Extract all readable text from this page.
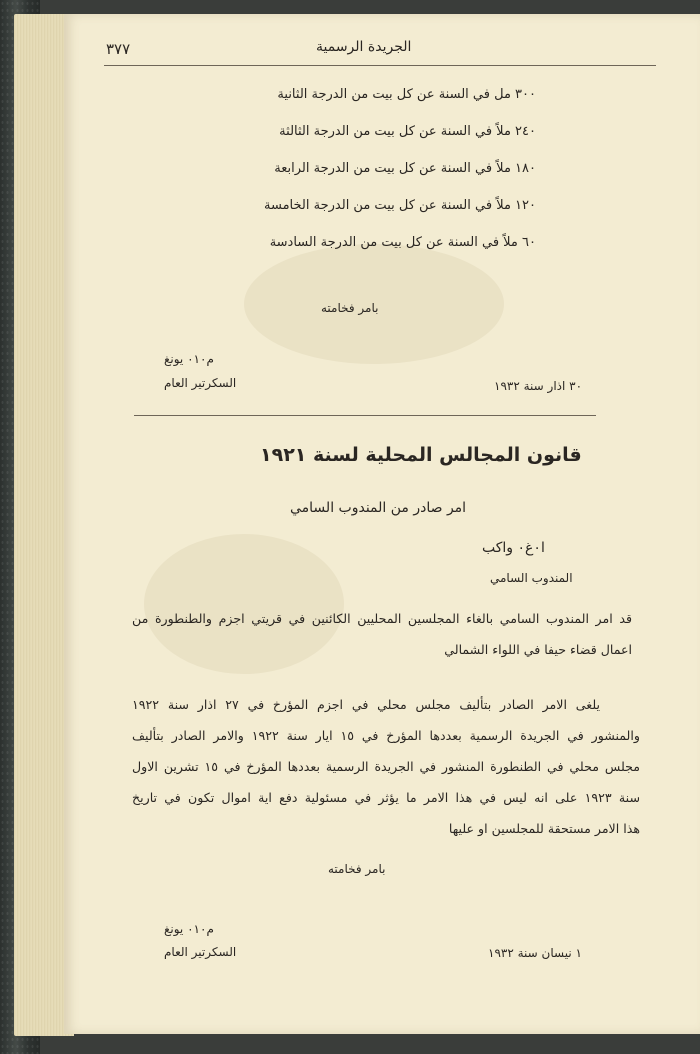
٣٧٧	الجريدة الرسمية
٣٠٠ مل في السنة عن كل بيت من الدرجة الثانية
٢٤٠ ملاً في السنة عن كل بيت من الدرجة الثالثة
١٨٠ ملاً في السنة عن كل بيت من الدرجة الرابعة
١٢٠ ملاً في السنة عن كل بيت من الدرجة الخامسة
٦٠ ملاً في السنة عن كل بيت من الدرجة السادسة
بامر فخامته
م٠١٠ يونغ
السكرتير العام	٣٠ اذار سنة ١٩٣٢
قانون المجالس المحلية لسنة ١٩٢١
امر صادر من المندوب السامي
ا٠غ٠ واكب
المندوب السامي
قد امر المندوب السامي بالغاء المجلسين المحليين الكائنين في قريتي اجزم والطنطورة من
اعمال قضاء حيفا في اللواء الشمالي
يلغى الامر الصادر بتأليف مجلس محلي في اجزم المؤرخ في ٢٧ اذار سنة ١٩٢٢
والمنشور في الجريدة الرسمية بعددها المؤرخ في ١٥ ايار سنة ١٩٢٢ والامر الصادر بتأليف
مجلس محلي في الطنطورة المنشور في الجريدة الرسمية بعددها المؤرخ في ١٥ تشرين الاول
سنة ١٩٢٣ على انه ليس في هذا الامر ما يؤثر في مسئولية دفع اية اموال تكون في تاريخ
هذا الامر مستحقة للمجلسين او عليها
بامر فخامته
م٠١٠ يونغ
السكرتير العام	١ نيسان سنة ١٩٣٢
